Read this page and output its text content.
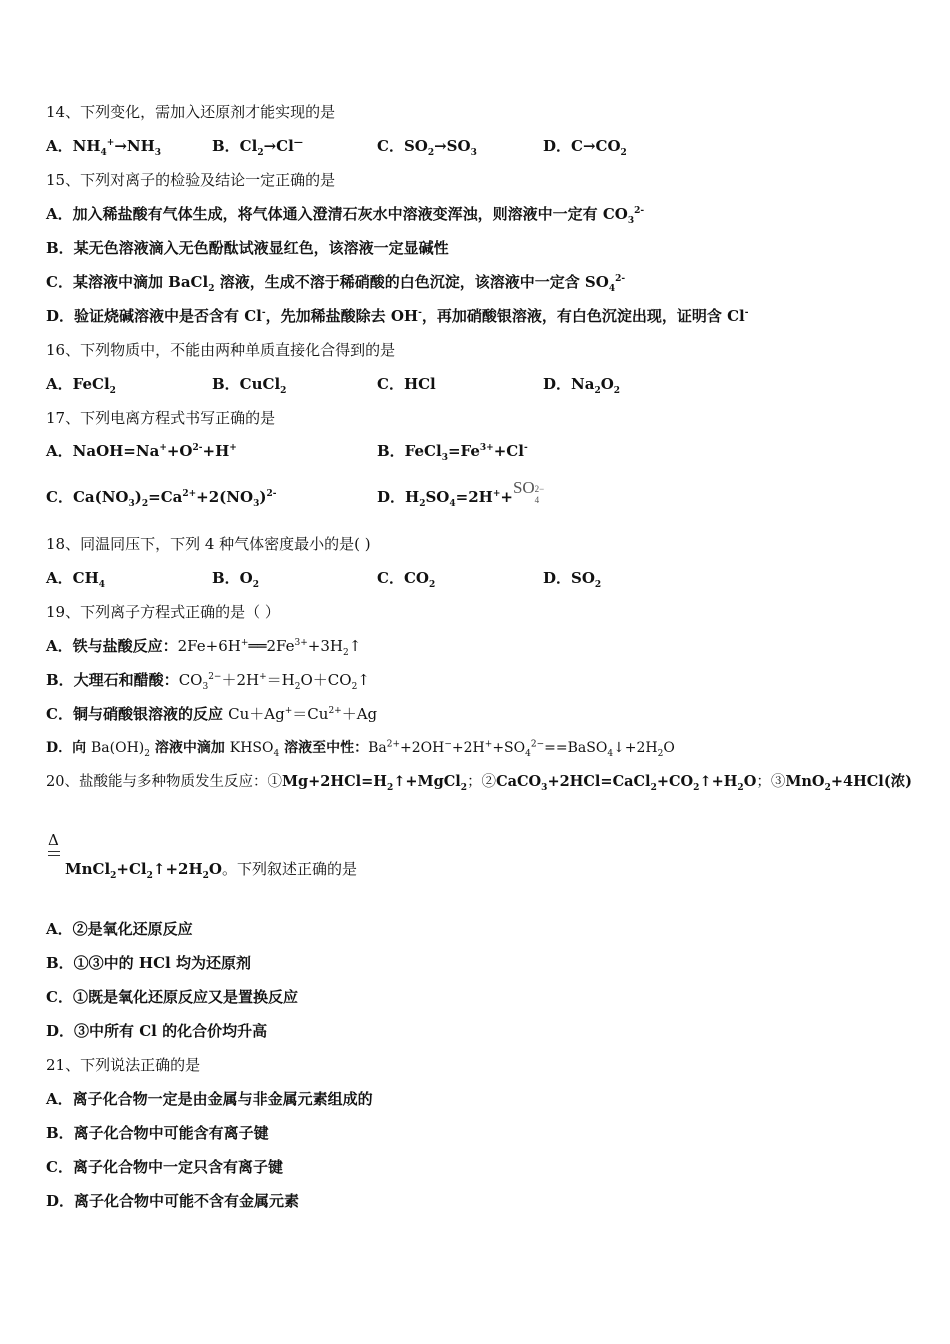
14、下列变化，需加入还原剂才能实现的是
A．$NH_4^+\to NH_3$	B．$Cl_2\to Cl^—$	C．$SO_2\to SO_3$	D．$C\to CO_2$
15、下列对离子的检验及结论一定正确的是
A．加入稀盐酸有气体生成，将气体通入澄清石灰水中溶液变浑浊，则溶液中一定有 $CO_3^{2-}$
B．某无色溶液滴入无色酚酞试液显红色，该溶液一定显碱性
C．某溶液中滴加 BaCl$_2$ 溶液，生成不溶于稀硝酸的白色沉淀，该溶液中一定含 $SO_4^{2-}$
D．验证烧碱溶液中是否含有 Cl-，先加稀盐酸除去 OH-，再加硝酸银溶液，有白色沉淀出现，证明含 Cl-
16、下列物质中，不能由两种单质直接化合得到的是
A．FeCl$_2$	B．CuCl$_2$	C．HCl	D．$Na_2O_2$
17、下列电离方程式书写正确的是
A．$NaOH=Na^++O^{2-}+H^+$	B．$FeCl_3=Fe^{3+}+Cl^-$
C．$Ca(NO_3)_2=Ca^{2+}+2(NO_3)^{2-}$	D．$H_2SO_4=2H^++SO$ 2−
4
18、同温同压下，下列 4 种气体密度最小的是( )
A．$CH_4$	B．$O_2$	C．$CO_2$	D．$SO_2$
19、下列离子方程式正确的是（ ）
A．铁与盐酸反应：$2Fe+6H^+══2Fe^{3+}+3H_2↑$
B．大理石和醋酸：$CO_3^{2-}+2H^+=H_2O+CO_2↑$
C．铜与硝酸银溶液的反应 $Cu+Ag^+=Cu^{2+}+Ag$
D．向 $Ba(OH)_2$ 溶液中滴加 $KHSO_4$ 溶液至中性：$Ba^{2+}+2OH^-+2H^++SO_4^{2-}==BaSO_4↓+2H_2O$
20、盐酸能与多种物质发生反应：$①Mg+2HCl=H_2↑+MgCl_2$；$②CaCO_3+2HCl=CaCl_2+CO_2↑+H_2O$；③MnO$_2$+4HCl(浓)
Δ
$MnCl_2+Cl_2↑+2H_2O$。下列叙述正确的是
A．②是氧化还原反应
B．①③中的 HCl 均为还原剂
C．①既是氧化还原反应又是置换反应
D．③中所有 Cl 的化合价均升高
21、下列说法正确的是
A．离子化合物一定是由金属与非金属元素组成的
B．离子化合物中可能含有离子键
C．离子化合物中一定只含有离子键
D．离子化合物中可能不含有金属元素
